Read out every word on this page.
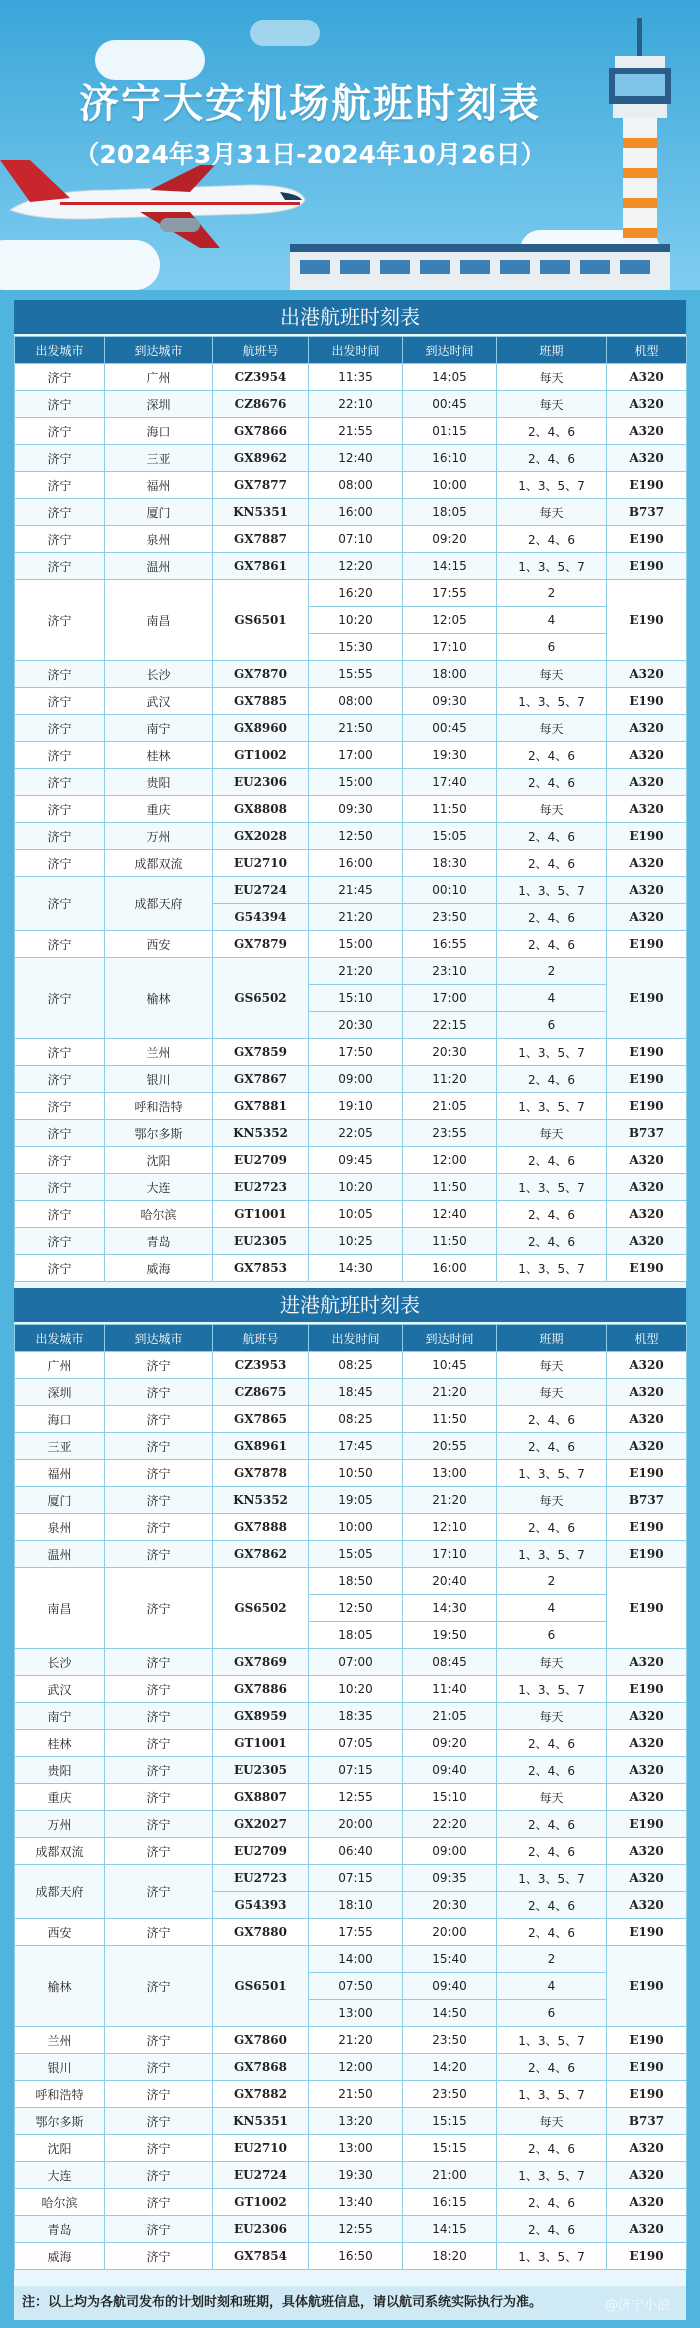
济宁大安机场航班时刻表
（2024年3月31日-2024年10月26日）
出港航班时刻表
出发城市	到达城市	航班号	出发时间	到达时间	班期	机型
济宁	广州	CZ3954	11:35	14:05	每天	A320
济宁	深圳	CZ8676	22:10	00:45	每天	A320
济宁	海口	GX7866	21:55	01:15	2、4、6	A320
济宁	三亚	GX8962	12:40	16:10	2、4、6	A320
济宁	福州	GX7877	08:00	10:00	1、3、5、7	E190
济宁	厦门	KN5351	16:00	18:05	每天	B737
济宁	泉州	GX7887	07:10	09:20	2、4、6	E190
济宁	温州	GX7861	12:20	14:15	1、3、5、7	E190
济宁	南昌	GS6501	16:20	17:55	2	E190
			10:20	12:05	4	
			15:30	17:10	6	
济宁	长沙	GX7870	15:55	18:00	每天	A320
济宁	武汉	GX7885	08:00	09:30	1、3、5、7	E190
济宁	南宁	GX8960	21:50	00:45	每天	A320
济宁	桂林	GT1002	17:00	19:30	2、4、6	A320
济宁	贵阳	EU2306	15:00	17:40	2、4、6	A320
济宁	重庆	GX8808	09:30	11:50	每天	A320
济宁	万州	GX2028	12:50	15:05	2、4、6	E190
济宁	成都双流	EU2710	16:00	18:30	2、4、6	A320
济宁	成都天府	EU2724	21:45	00:10	1、3、5、7	A320
		G54394	21:20	23:50	2、4、6	A320
济宁	西安	GX7879	15:00	16:55	2、4、6	E190
济宁	榆林	GS6502	21:20	23:10	2	E190
			15:10	17:00	4	
			20:30	22:15	6	
济宁	兰州	GX7859	17:50	20:30	1、3、5、7	E190
济宁	银川	GX7867	09:00	11:20	2、4、6	E190
济宁	呼和浩特	GX7881	19:10	21:05	1、3、5、7	E190
济宁	鄂尔多斯	KN5352	22:05	23:55	每天	B737
济宁	沈阳	EU2709	09:45	12:00	2、4、6	A320
济宁	大连	EU2723	10:20	11:50	1、3、5、7	A320
济宁	哈尔滨	GT1001	10:05	12:40	2、4、6	A320
济宁	青岛	EU2305	10:25	11:50	2、4、6	A320
济宁	威海	GX7853	14:30	16:00	1、3、5、7	E190
进港航班时刻表
出发城市	到达城市	航班号	出发时间	到达时间	班期	机型
广州	济宁	CZ3953	08:25	10:45	每天	A320
深圳	济宁	CZ8675	18:45	21:20	每天	A320
海口	济宁	GX7865	08:25	11:50	2、4、6	A320
三亚	济宁	GX8961	17:45	20:55	2、4、6	A320
福州	济宁	GX7878	10:50	13:00	1、3、5、7	E190
厦门	济宁	KN5352	19:05	21:20	每天	B737
泉州	济宁	GX7888	10:00	12:10	2、4、6	E190
温州	济宁	GX7862	15:05	17:10	1、3、5、7	E190
南昌	济宁	GS6502	18:50	20:40	2	E190
			12:50	14:30	4	
			18:05	19:50	6	
长沙	济宁	GX7869	07:00	08:45	每天	A320
武汉	济宁	GX7886	10:20	11:40	1、3、5、7	E190
南宁	济宁	GX8959	18:35	21:05	每天	A320
桂林	济宁	GT1001	07:05	09:20	2、4、6	A320
贵阳	济宁	EU2305	07:15	09:40	2、4、6	A320
重庆	济宁	GX8807	12:55	15:10	每天	A320
万州	济宁	GX2027	20:00	22:20	2、4、6	E190
成都双流	济宁	EU2709	06:40	09:00	2、4、6	A320
成都天府	济宁	EU2723	07:15	09:35	1、3、5、7	A320
		G54393	18:10	20:30	2、4、6	A320
西安	济宁	GX7880	17:55	20:00	2、4、6	E190
榆林	济宁	GS6501	14:00	15:40	2	E190
			07:50	09:40	4	
			13:00	14:50	6	
兰州	济宁	GX7860	21:20	23:50	1、3、5、7	E190
银川	济宁	GX7868	12:00	14:20	2、4、6	E190
呼和浩特	济宁	GX7882	21:50	23:50	1、3、5、7	E190
鄂尔多斯	济宁	KN5351	13:20	15:15	每天	B737
沈阳	济宁	EU2710	13:00	15:15	2、4、6	A320
大连	济宁	EU2724	19:30	21:00	1、3、5、7	A320
哈尔滨	济宁	GT1002	13:40	16:15	2、4、6	A320
青岛	济宁	EU2306	12:55	14:15	2、4、6	A320
威海	济宁	GX7854	16:50	18:20	1、3、5、7	E190
注：以上均为各航司发布的计划时刻和班期，具体航班信息，请以航司系统实际执行为准。	@济宁小浪
